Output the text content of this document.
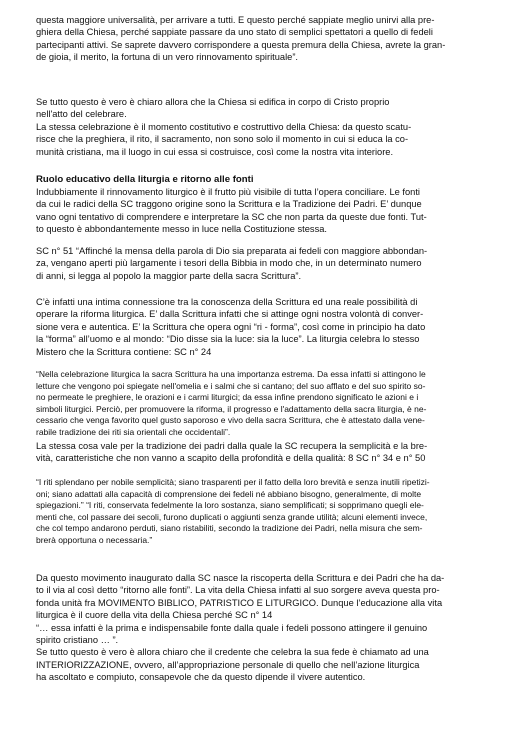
questa maggiore universalità, per arrivare a tutti. E questo perché sappiate meglio unirvi alla pre-
ghiera della Chiesa, perché sappiate passare da uno stato di semplici spettatori a quello di fedeli
partecipanti attivi. Se saprete davvero corrispondere a questa premura della Chiesa, avrete la gran-
de gioia, il merito, la fortuna di un vero rinnovamento spirituale”.
Se tutto questo è vero è chiaro allora che la Chiesa si edifica in corpo di Cristo proprio
nell'atto del celebrare.
La stessa celebrazione è il momento costitutivo e costruttivo della Chiesa: da questo scatu-
risce che la preghiera, il rito, il sacramento, non sono solo il momento in cui si educa la co-
munità cristiana, ma il luogo in cui essa si costruisce, così come la nostra vita interiore.
Ruolo educativo della liturgia e ritorno alle fonti
Indubbiamente il rinnovamento liturgico è il frutto più visibile di tutta l’opera conciliare. Le fonti
da cui le radici della SC traggono origine sono la Scrittura e la Tradizione dei Padri. E’ dunque
vano ogni tentativo di comprendere e interpretare la SC che non parta da queste due fonti. Tut-
to questo è abbondantemente messo in luce nella Costituzione stessa.
SC n° 51 “Affinché la mensa della parola di Dio sia preparata ai fedeli con maggiore abbondan-
za, vengano aperti più largamente i tesori della Bibbia in modo che, in un determinato numero
di anni, si legga al popolo la maggior parte della sacra Scrittura”.
C’è infatti una intima connessione tra la conoscenza della Scrittura ed una reale possibilità di
operare la riforma liturgica. E’ dalla Scrittura infatti che si attinge ogni nostra volontà di conver-
sione vera e autentica. E’ la Scrittura che opera ogni “ri - forma”, così come in principio ha dato
la “forma” all’uomo e al mondo: “Dio disse sia la luce: sia la luce”. La liturgia celebra lo stesso
Mistero che la Scrittura contiene: SC n° 24
“Nella celebrazione liturgica la sacra Scrittura ha una importanza estrema. Da essa infatti si attingono le
letture che vengono poi spiegate nell'omelia e i salmi che si cantano; del suo afflato e del suo spirito so-
no permeate le preghiere, le orazioni e i carmi liturgici; da essa infine prendono significato le azioni e i
simboli liturgici. Perciò, per promuovere la riforma, il progresso e l'adattamento della sacra liturgia, è ne-
cessario che venga favorito quel gusto saporoso e vivo della sacra Scrittura, che è attestato dalla vene-
rabile tradizione dei riti sia orientali che occidentali”.
La stessa cosa vale per la tradizione dei padri dalla quale la SC recupera la semplicità e la bre-
vità, caratteristiche che non vanno a scapito della profondità e della qualità: 8 SC n° 34 e n° 50
“I riti splendano per nobile semplicità; siano trasparenti per il fatto della loro brevità e senza inutili ripetizi-
oni; siano adattati alla capacità di comprensione dei fedeli né abbiano bisogno, generalmente, di molte
spiegazioni.” “I riti, conservata fedelmente la loro sostanza, siano semplificati; si sopprimano quegli ele-
menti che, col passare dei secoli, furono duplicati o aggiunti senza grande utilità; alcuni elementi invece,
che col tempo andarono perduti, siano ristabiliti, secondo la tradizione dei Padri, nella misura che sem-
brerà opportuna o necessaria.”
Da questo movimento inaugurato dalla SC nasce la riscoperta della Scrittura e dei Padri che ha da-
to il via al così detto “ritorno alle fonti”. La vita della Chiesa infatti al suo sorgere aveva questa pro-
fonda unità fra MOVIMENTO BIBLICO, PATRISTICO E LITURGICO. Dunque l’educazione alla vita
liturgica è il cuore della vita della Chiesa perché SC n° 14
“… essa infatti è la prima e indispensabile fonte dalla quale i fedeli possono attingere il genuino
spirito cristiano … ”.
Se tutto questo è vero è allora chiaro che il credente che celebra la sua fede è chiamato ad una
INTERIORIZZAZIONE, ovvero, all’appropriazione personale di quello che nell’azione liturgica
ha ascoltato e compiuto, consapevole che da questo dipende il vivere autentico.
